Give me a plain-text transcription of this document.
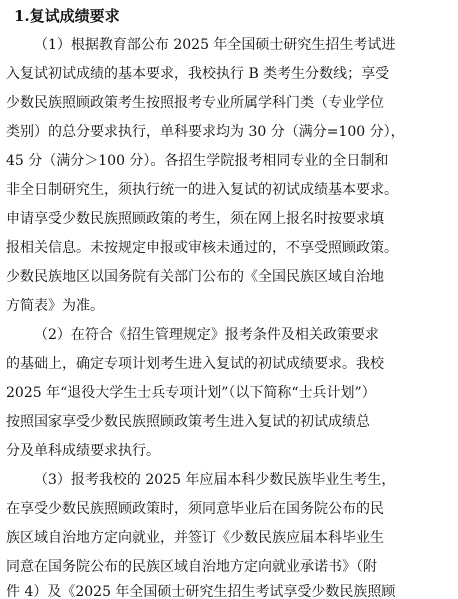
1.复试成绩要求
（1）根据教育部公布 2025 年全国硕士研究生招生考试进
入复试初试成绩的基本要求，我校执行 B 类考生分数线；享受
少数民族照顾政策考生按照报考专业所属学科门类（专业学位
类别）的总分要求执行，单科要求均为 30 分（满分=100 分），
45 分（满分＞100 分）。各招生学院报考相同专业的全日制和
非全日制研究生，须执行统一的进入复试的初试成绩基本要求。
申请享受少数民族照顾政策的考生，须在网上报名时按要求填
报相关信息。未按规定申报或审核未通过的，不享受照顾政策。
少数民族地区以国务院有关部门公布的《全国民族区域自治地
方简表》为准。
（2）在符合《招生管理规定》报考条件及相关政策要求
的基础上，确定专项计划考生进入复试的初试成绩要求。我校
2025 年“退役大学生士兵专项计划”（以下简称“士兵计划”）
按照国家享受少数民族照顾政策考生进入复试的初试成绩总
分及单科成绩要求执行。
（3）报考我校的 2025 年应届本科少数民族毕业生考生，
在享受少数民族照顾政策时，须同意毕业后在国务院公布的民
族区域自治地方定向就业，并签订《少数民族应届本科毕业生
同意在国务院公布的民族区域自治地方定向就业承诺书》（附
件 4）及《2025 年全国硕士研究生招生考试享受少数民族照顾
